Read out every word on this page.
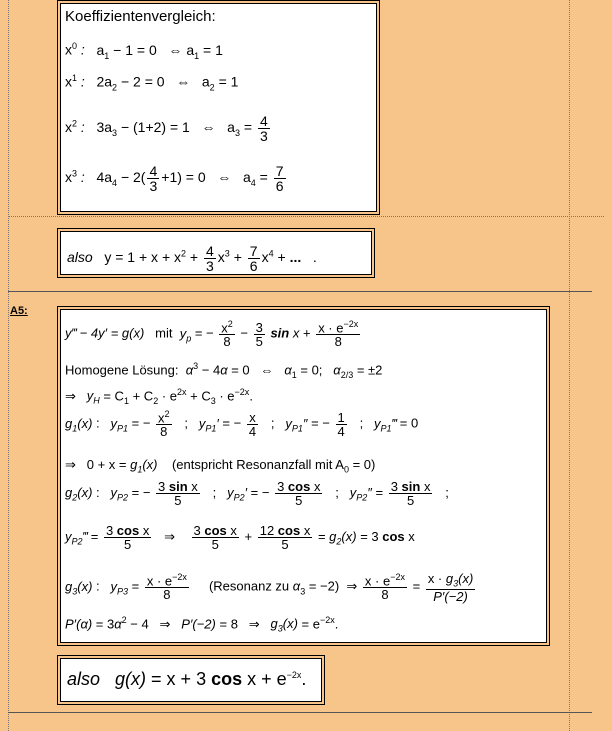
Koeffizientenvergleich:
$x^0$ : $a_1 - 1 = 0$   ⇔ $a_1 = 1$
$x^1$ :   $2a_2 - 2 = 0$   ⇔   $a_2 = 1$
$x^2$ :   $3a_3 - (1+2) = 1$   ⇔   $a_3 = \frac{4}{3}$
$x^3$ :   $4a_4 - 2( \frac{4}{3} +1) = 0$   ⇔   $a_4 = \frac{7}{6}$
also   $y = 1 + x + x^2 + \frac{4}{3} x^3 + \frac{7}{6} x^4$ + ...   .
A5:
y‴ − 4y′ = g(x)   mit  $y_p$ = − $\frac{x^2}{8} - \frac{3}{5}$ $\sin x + \frac{x \cdot e^{-2x}}{8}$
Homogene Lösung:  $\alpha^3 - 4\alpha = 0$   ⇔   $\alpha_1 = 0$;   $\alpha_{2/3} = \pm 2$
⇒   $y_H = C_1 + C_2 \cdot e^{2x} + C_3 \cdot e^{-2x}$.
$g_1(x)$ :   $y_{P1}$ = − $\frac{x^2}{8}$ ;   $y_{P1}'$ = − $\frac{x}{4}$ ;   $y_{P1}''$ = − $\frac{1}{4}$ ;   $y_{P1}‴ = 0$
⇒   $0 + x = g_1(x)$    (entspricht Resonanzfall mit $A_0 = 0$)
$g_2(x)$ :   $y_{P2}$ = − $\frac{\text{3 sin x}}{5}$ ;   $y_{P2}'$ = − $\frac{\text{3 cos x}}{5}$ ;   $y_{P2}'' = \frac{\text{3 sin x}}{5}$ ;
$y_{P2}‴ = \frac{\text{3 cos x}}{5}$ ⇒ $\frac{\text{3 cos x}}{5} + \frac{\text{12 cos x}}{5} = g_2(x) = 3$ cos x
$g_3(x)$ :   $y_{P3} = \frac{x \cdot e^{-2x}}{8}$ (Resonanz zu $\alpha_3 = -2$)  ⇒ $\frac{x \cdot e^{-2x}}{8} = \frac{x \cdot g_3(x)}{P'(-2)}$
$P'(\alpha) = 3\alpha^2 - 4$   ⇒   P′(−2) = 8   ⇒   $g_3(x) = e^{-2x}$.
also g(x) = x + 3 $\cos x + e^{-2x}$.
